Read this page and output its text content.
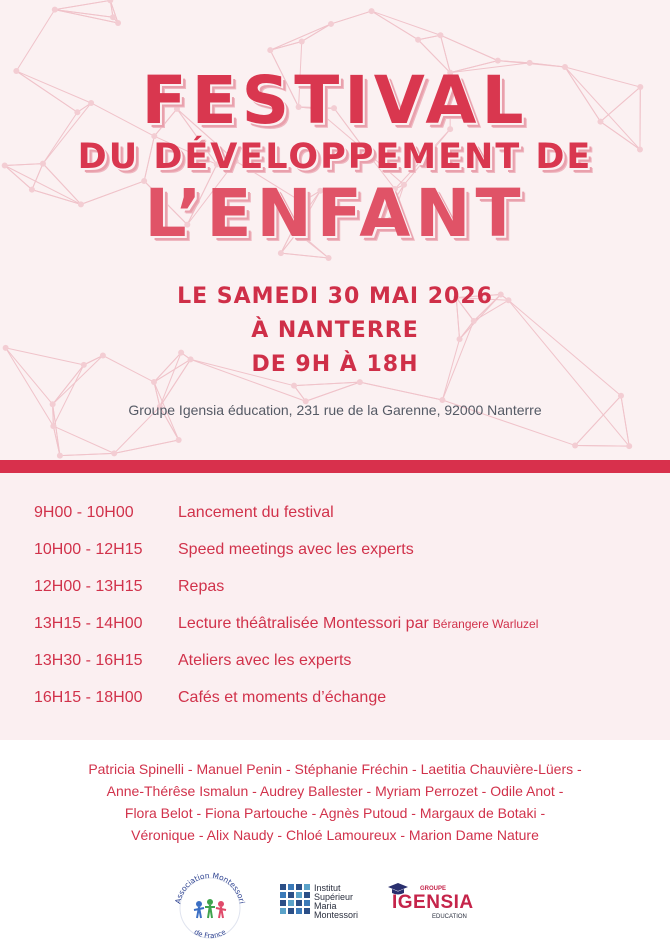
FESTIVAL
DU DÉVELOPPEMENT DE
L’ENFANT
LE SAMEDI 30 MAI 2026
À NANTERRE
DE 9H À 18H
Groupe Igensia éducation, 231 rue de la Garenne, 92000 Nanterre
9H00 - 10H00	Lancement du festival
10H00 - 12H15 Speed meetings avec les experts
12H00 - 13H15 Repas
13H15 - 14H00 Lecture théâtralisée Montessori par Bérangere Warluzel
13H30 - 16H15 Ateliers avec les experts
16H15 - 18H00 Cafés et moments d’échange
Patricia Spinelli - Manuel Penin - Stéphanie Fréchin - Laetitia Chauvière-Lüers -
Anne-Thérêse Ismalun - Audrey Ballester - Myriam Perrozet - Odile Anot -
Flora Belot - Fiona Partouche - Agnès Putoud - Margaux de Botaki -
Véronique - Alix Naudy - Chloé Lamoureux - Marion Dame Nature
Association Montessori
de France
Institut
Supérieur
Maria
Montessori
GROUPE
IGENSIA
EDUCATION
